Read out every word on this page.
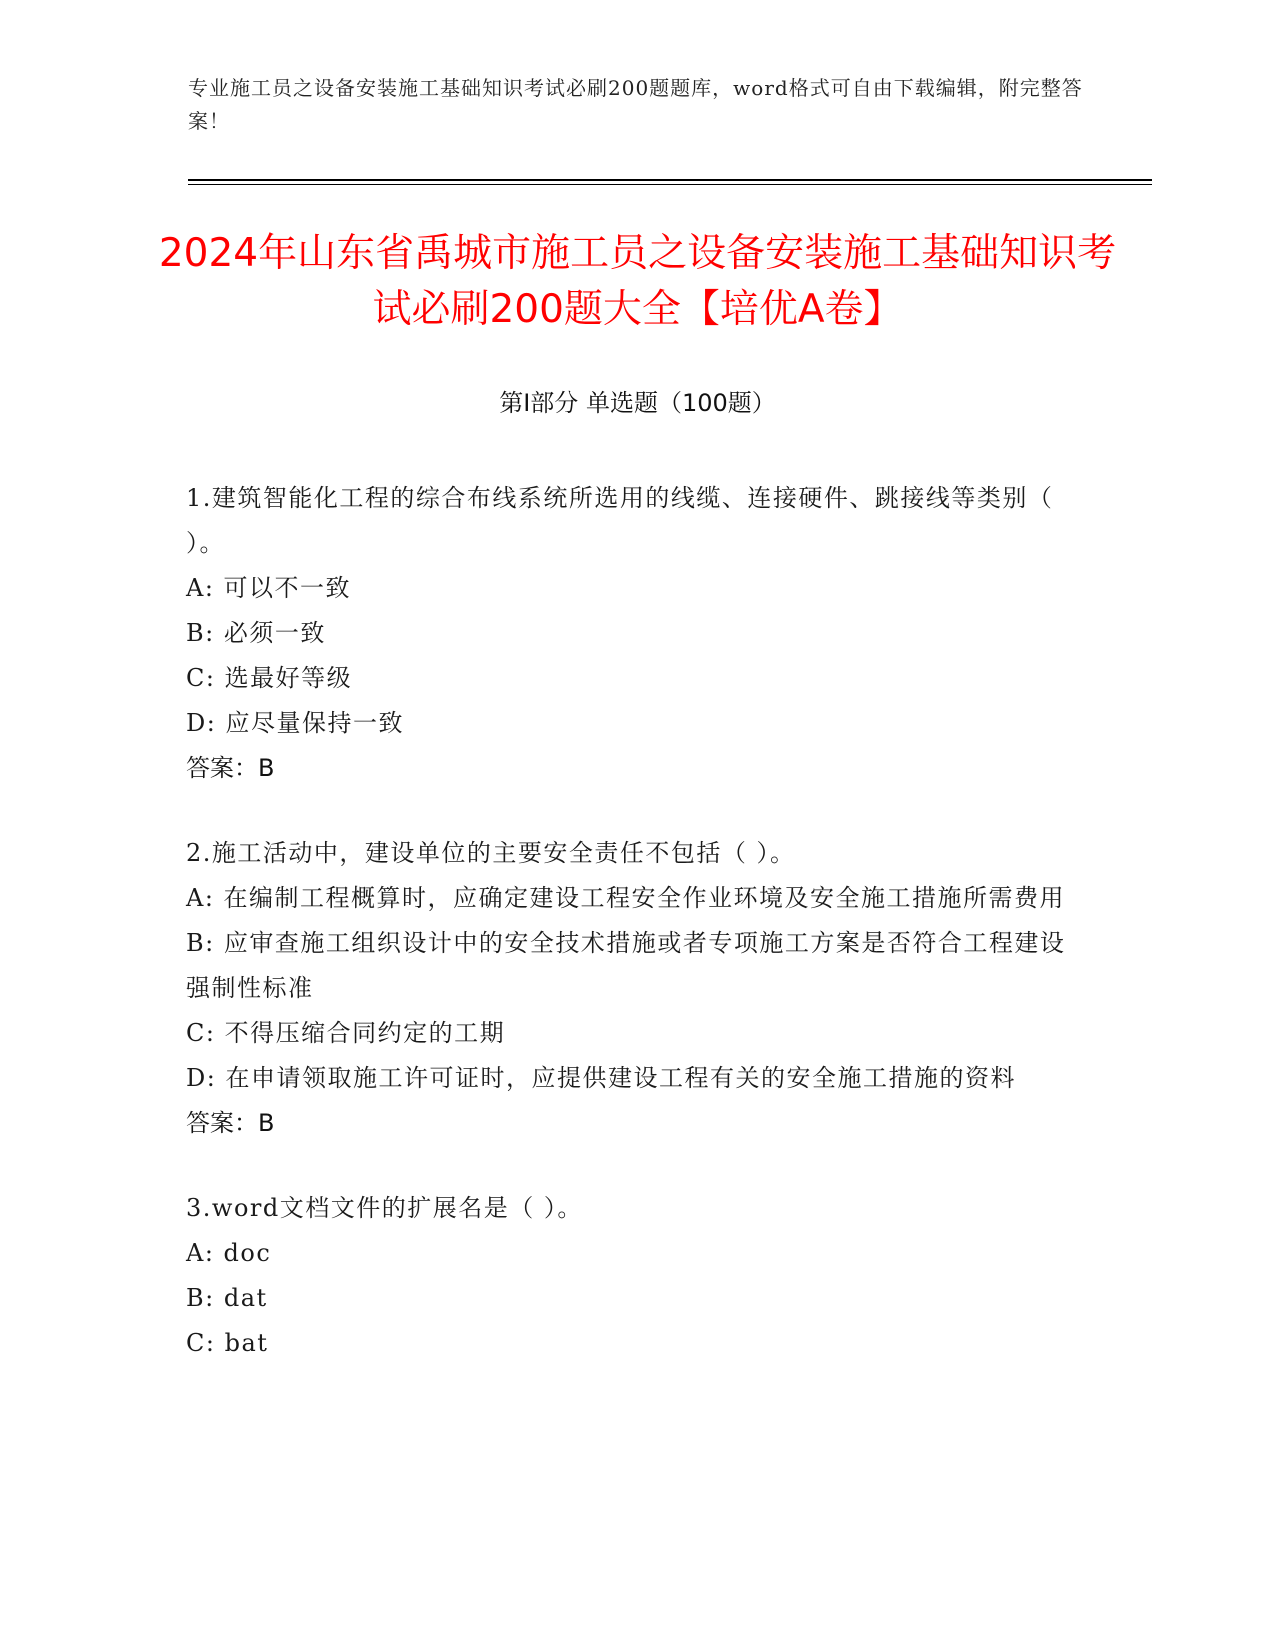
专业施工员之设备安装施工基础知识考试必刷200题题库，word格式可自由下载编辑，附完整答案！
2024年山东省禹城市施工员之设备安装施工基础知识考试必刷200题大全【培优A卷】
第I部分 单选题（100题）
1.建筑智能化工程的综合布线系统所选用的线缆、连接硬件、跳接线等类别（ ）。
A: 可以不一致
B: 必须一致
C: 选最好等级
D: 应尽量保持一致
答案：B
2.施工活动中，建设单位的主要安全责任不包括（ ）。
A: 在编制工程概算时，应确定建设工程安全作业环境及安全施工措施所需费用
B: 应审查施工组织设计中的安全技术措施或者专项施工方案是否符合工程建设强制性标准
C: 不得压缩合同约定的工期
D: 在申请领取施工许可证时，应提供建设工程有关的安全施工措施的资料
答案：B
3.word文档文件的扩展名是（ ）。
A: doc
B: dat
C: bat
